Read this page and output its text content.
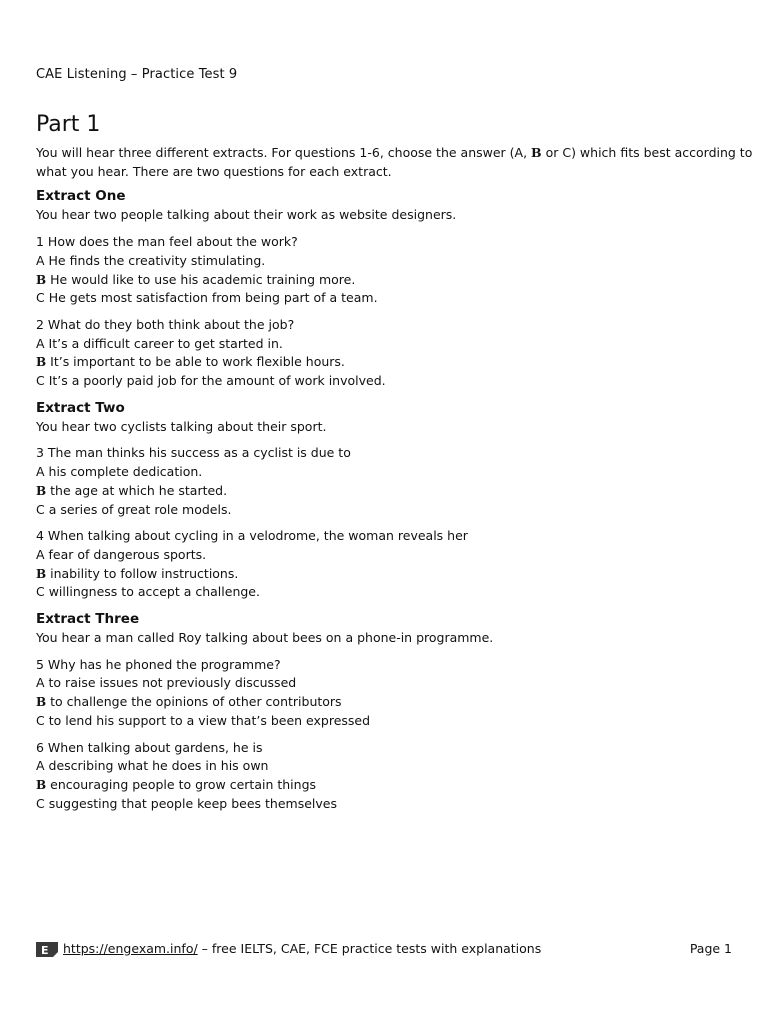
CAE Listening – Practice Test 9
Part 1

You will hear three different extracts. For questions 1-6, choose the answer (A, B or C) which fits best according to
what you hear. There are two questions for each extract.

Extract One

You hear two people talking about their work as website designers.

1 How does the man feel about the work?
A He finds the creativity stimulating.
B He would like to use his academic training more.
C He gets most satisfaction from being part of a team.
2 What do they both think about the job?
A It’s a difficult career to get started in.
B It’s important to be able to work flexible hours.
C It’s a poorly paid job for the amount of work involved.
Extract Two

You hear two cyclists talking about their sport.

3 The man thinks his success as a cyclist is due to
A his complete dedication.
B the age at which he started.
C a series of great role models.
4 When talking about cycling in a velodrome, the woman reveals her
A fear of dangerous sports.
B inability to follow instructions.
C willingness to accept a challenge.
Extract Three

You hear a man called Roy talking about bees on a phone-in programme.

5 Why has he phoned the programme?
A to raise issues not previously discussed
B to challenge the opinions of other contributors
C to lend his support to a view that’s been expressed
6 When talking about gardens, he is
A describing what he does in his own
B encouraging people to grow certain things
C suggesting that people keep bees themselves
E https://engexam.info/ – free IELTS, CAE, FCE practice tests with explanations	Page 1
